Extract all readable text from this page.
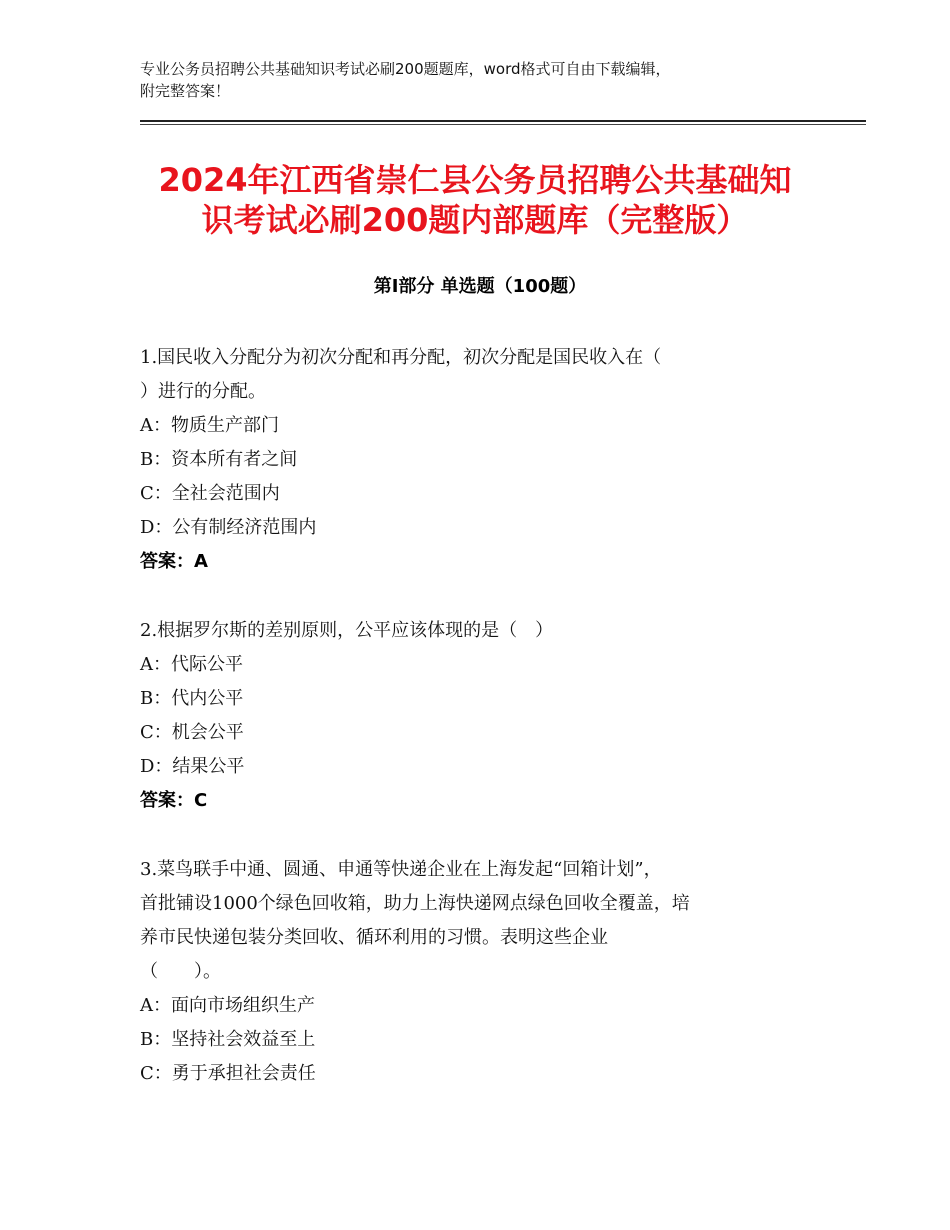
专业公务员招聘公共基础知识考试必刷200题题库，word格式可自由下载编辑，
附完整答案！
2024年江西省崇仁县公务员招聘公共基础知
识考试必刷200题内部题库（完整版）
第Ⅰ部分 单选题（100题）
1.国民收入分配分为初次分配和再分配，初次分配是国民收入在（
）进行的分配。
A：物质生产部门
B：资本所有者之间
C：全社会范围内
D：公有制经济范围内
答案：A
2.根据罗尔斯的差别原则，公平应该体现的是（　）
A：代际公平
B：代内公平
C：机会公平
D：结果公平
答案：C
3.菜鸟联手中通、圆通、申通等快递企业在上海发起“回箱计划”，
首批铺设1000个绿色回收箱，助力上海快递网点绿色回收全覆盖，培
养市民快递包装分类回收、循环利用的习惯。表明这些企业
（　　）。
A：面向市场组织生产
B：坚持社会效益至上
C：勇于承担社会责任
